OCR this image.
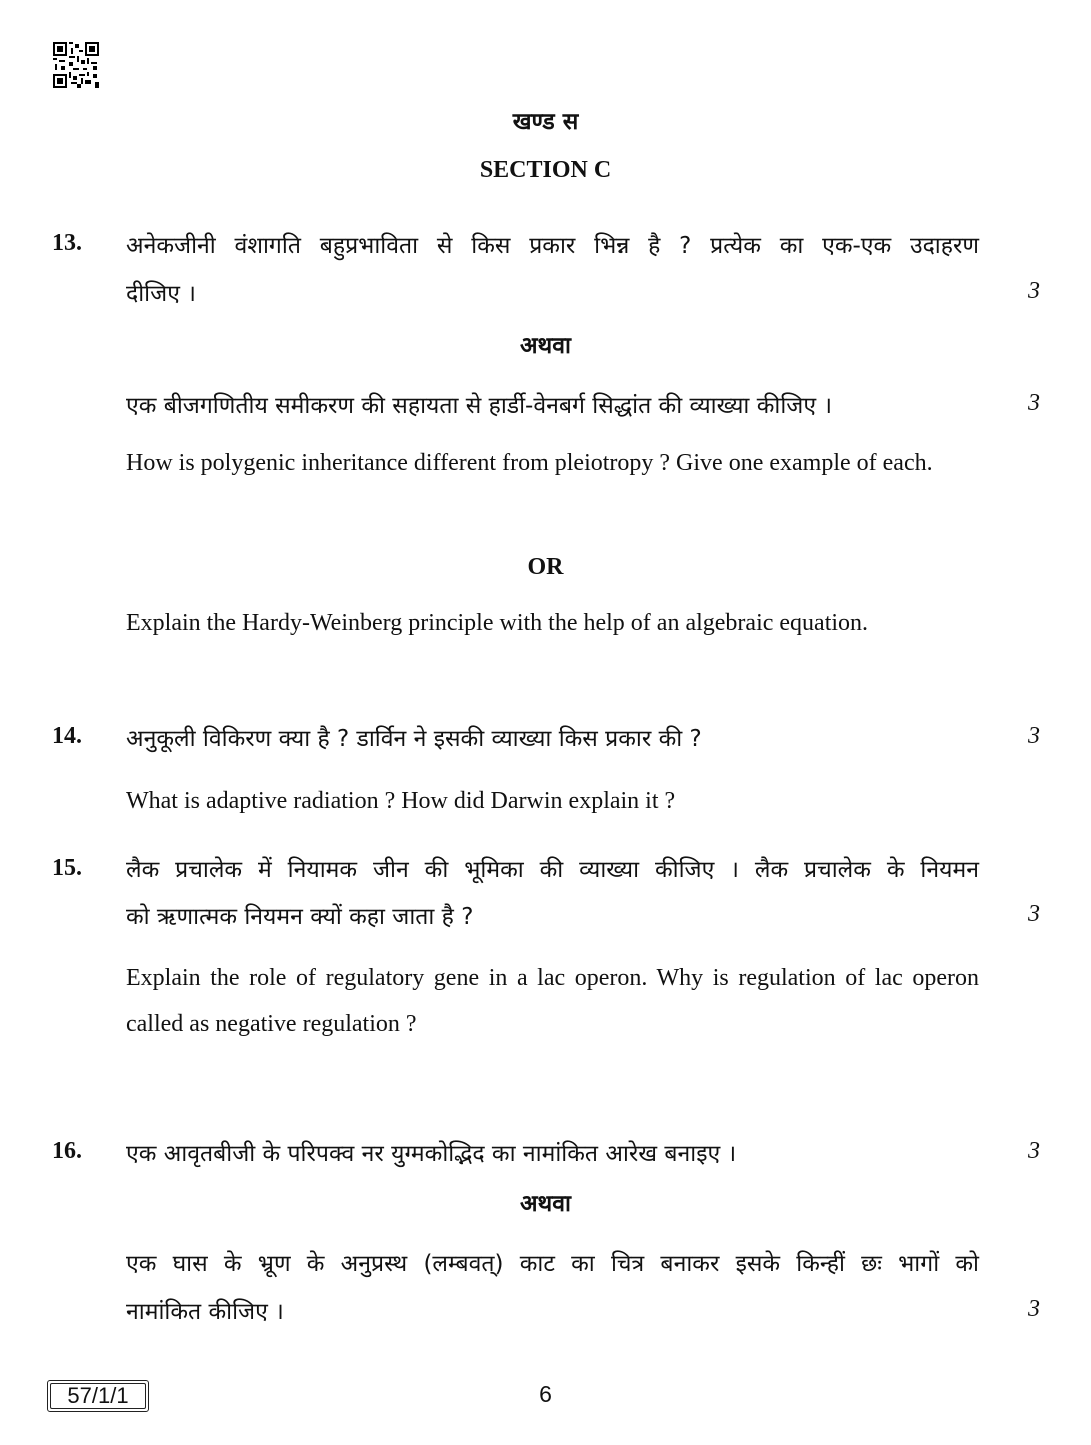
खण्ड स
SECTION C
13. अनेकजीनी वंशागति बहुप्रभाविता से किस प्रकार भिन्न है ? प्रत्येक का एक-एक उदाहरण
दीजिए ।	3
अथवा
एक बीजगणितीय समीकरण की सहायता से हार्डी-वेनबर्ग सिद्धांत की व्याख्या कीजिए ।	3
How is polygenic inheritance different from pleiotropy ? Give one example of each.
OR
Explain the Hardy-Weinberg principle with the help of an algebraic equation.
14. अनुकूली विकिरण क्या है ? डार्विन ने इसकी व्याख्या किस प्रकार की ?	3
What is adaptive radiation ? How did Darwin explain it ?
15. लैक प्रचालेक में नियामक जीन की भूमिका की व्याख्या कीजिए । लैक प्रचालेक के नियमन
को ऋणात्मक नियमन क्यों कहा जाता है ?	3
Explain the role of regulatory gene in a lac operon. Why is regulation of lac operon called as negative regulation ?
16. एक आवृतबीजी के परिपक्व नर युग्मकोद्भिद का नामांकित आरेख बनाइए ।	3
57/1/1	6
अथवा
एक घास के भ्रूण के अनुप्रस्थ (लम्बवत्) काट का चित्र बनाकर इसके किन्हीं छः भागों को
नामांकित कीजिए ।	3
